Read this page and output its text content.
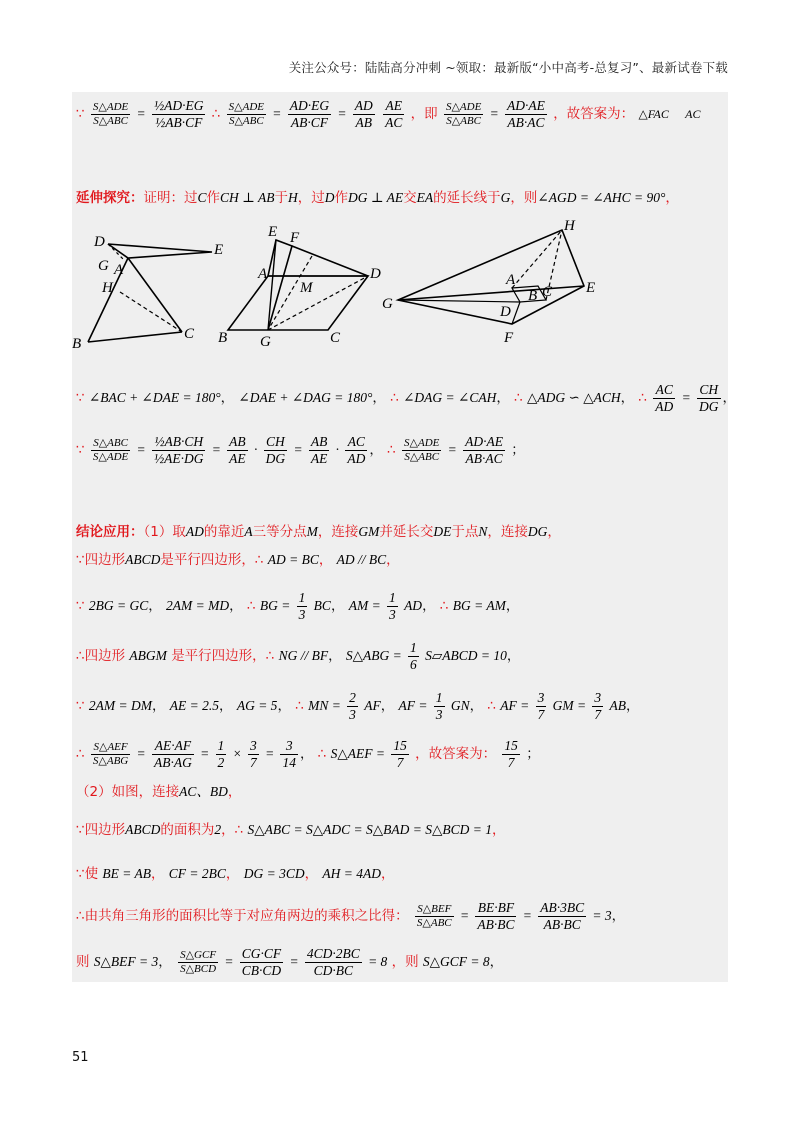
关注公众号：陆陆高分冲刺 ~领取：最新版“小中高考-总复习”、最新试卷下载
∵ $\frac{\text{S△ADE}}{\text{S△ABC}} = \frac{\text{½AD·EG}}{\text{½AB·CF}}$ ∴ $\frac{\text{S△ADE}}{\text{S△ABC}} = \frac{AD\cdot EG}{AB\cdot CF} = \frac{AD}{AB}$
$\frac{AE}{AC}$ ，即 $\frac{\text{S△ADE}}{\text{S△ABC}} = \frac{AD\cdot AE}{AB\cdot AC}$ ，故答案为： △FAC AC
延伸探究：证明：过C作CH ⊥ AB于H，过D作DG ⊥ AE交EA的延长线于G，则∠AGD = ∠AHC = 90°，
D	E
G A
H
B
C
E F
A
M
D
B G	C
H
A
C
G	B	E
D
F
∵ ∠BAC + ∠DAE = 180°， ∠DAE + ∠DAG = 180°， ∴ ∠DAG = ∠CAH， ∴ △ADG ∽ △ACH， ∴ $\frac{AC}{AD} = \frac{CH}{DG}$ ，
∵ $\frac{\text{S△ABC}}{\text{S△ADE}} = \frac{\text{½AB·CH}}{\text{½AE·DG}} = \frac{AB}{AE} \cdot \frac{CH}{DG} = \frac{AB}{AE} \cdot \frac{AC}{AD}$ ， ∴ $\frac{\text{S△ADE}}{\text{S△ABC}} = \frac{AD\cdot AE}{AB\cdot AC}$ ；
结论应用：（1）取AD的靠近A三等分点M，连接GM并延长交DE于点N，连接DG，
∵四边形ABCD是平行四边形，∴ AD = BC， AD // BC，
∵ 2BG = GC， 2AM = MD， ∴ BG = $\frac{1}{3}$ BC， AM = $\frac{1}{3}$ AD， ∴ BG = AM，
∴四边形 ABGM 是平行四边形，∴ NG // BF， S△ABG = $\frac{1}{6}$ S▱ABCD = 10，
∵ 2AM = DM， AE = 2.5， AG = 5， ∴ MN = $\frac{2}{3}$ AF， AF = $\frac{1}{3}$ GN， ∴ AF = $\frac{3}{7}$ GM = $\frac{3}{7}$ AB，
∴ $\frac{\text{S△AEF}}{\text{S△ABG}} = \frac{AE\cdot AF}{AB\cdot AG} = \frac{1}{2} \times \frac{3}{7} = \frac{3}{14}$ ， ∴ S△AEF = $\frac{15}{7}$ ，故答案为： $\frac{15}{7}$ ；
（2）如图，连接AC、BD，
∵四边形ABCD的面积为2，∴ S△ABC = S△ADC = S△BAD = S△BCD = 1，
∵使 BE = AB， CF = 2BC， DG = 3CD， AH = 4AD，
∴由共角三角形的面积比等于对应角两边的乘积之比得： $\frac{\text{S△BEF}}{\text{S△ABC}} = \frac{BE\cdot BF}{AB\cdot BC} = \frac{AB\cdot 3BC}{AB\cdot BC} = 3$，
则 S△BEF = 3， $\frac{\text{S△GCF}}{\text{S△BCD}} = \frac{CG\cdot CF}{CB\cdot CD} = \frac{4CD\cdot 2BC}{CD\cdot BC} = 8$ ，则 S△GCF = 8，
51
